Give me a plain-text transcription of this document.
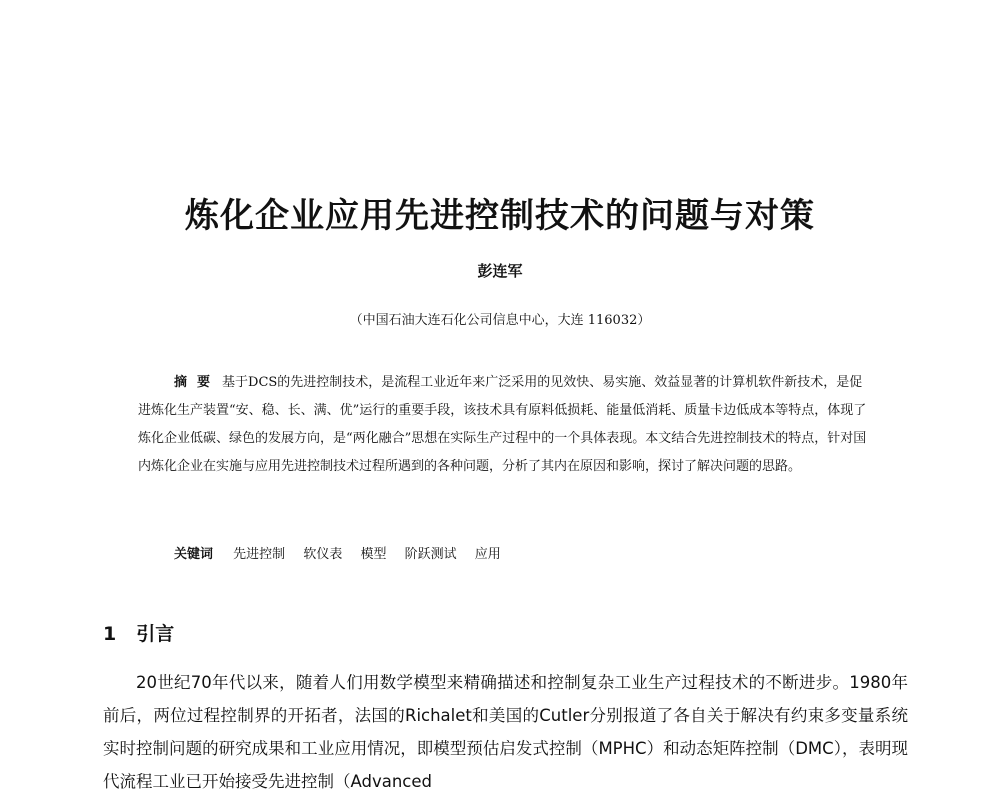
炼化企业应用先进控制技术的问题与对策
彭连军
（中国石油大连石化公司信息中心，大连 116032）
摘要 基于DCS的先进控制技术，是流程工业近年来广泛采用的见效快、易实施、效益显著的计算机软件新技术，是促进炼化生产装置“安、稳、长、满、优”运行的重要手段，该技术具有原料低损耗、能量低消耗、质量卡边低成本等特点，体现了炼化企业低碳、绿色的发展方向，是“两化融合”思想在实际生产过程中的一个具体表现。本文结合先进控制技术的特点，针对国内炼化企业在实施与应用先进控制技术过程所遇到的各种问题，分析了其内在原因和影响，探讨了解决问题的思路。
关键词 先进控制 软仪表 模型 阶跃测试 应用
1 引言
20世纪70年代以来，随着人们用数学模型来精确描述和控制复杂工业生产过程技术的不断进步。1980年前后，两位过程控制界的开拓者，法国的Richalet和美国的Cutler分别报道了各自关于解决有约束多变量系统实时控制问题的研究成果和工业应用情况，即模型预估启发式控制（MPHC）和动态矩阵控制（DMC），表明现代流程工业已开始接受先进控制（Advanced
